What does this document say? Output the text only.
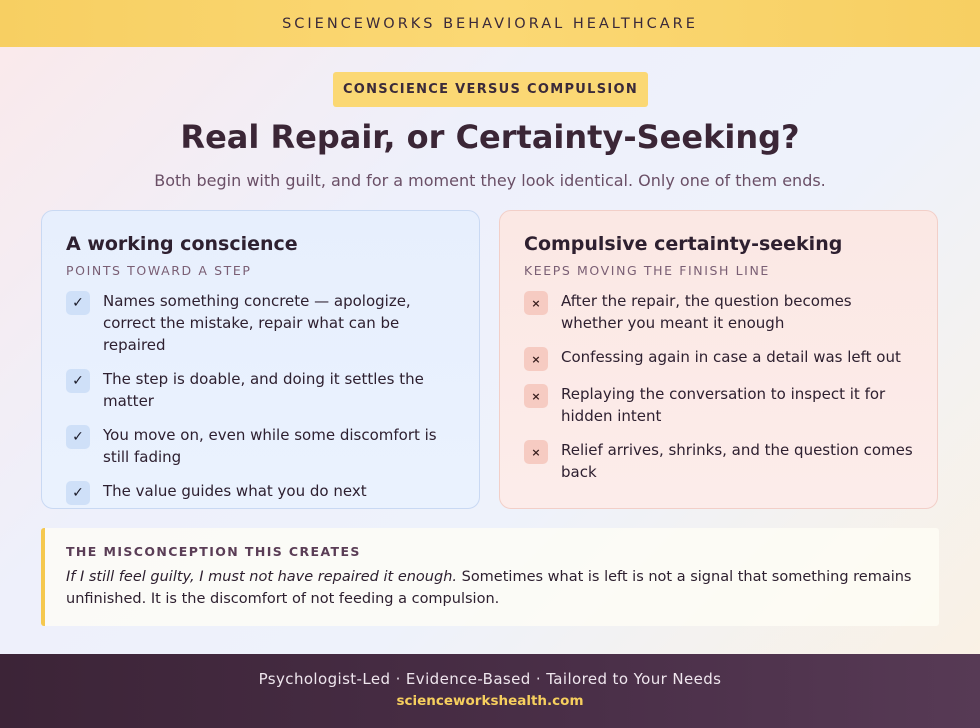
SCIENCEWORKS BEHAVIORAL HEALTHCARE
CONSCIENCE VERSUS COMPULSION
Real Repair, or Certainty-Seeking?

Both begin with guilt, and for a moment they look identical. Only one of them ends.

A working conscience
POINTS TOWARD A STEP
✓	Names something concrete — apologize, correct the mistake, repair what can be repaired
✓	The step is doable, and doing it settles the matter
✓	You move on, even while some discomfort is still fading
✓	The value guides what you do next
Compulsive certainty-seeking
KEEPS MOVING THE FINISH LINE
×	After the repair, the question becomes whether you meant it enough
×	Confessing again in case a detail was left out
×	Replaying the conversation to inspect it for hidden intent
×	Relief arrives, shrinks, and the question comes back
THE MISCONCEPTION THIS CREATES

If I still feel guilty, I must not have repaired it enough. Sometimes what is left is not a signal that something remains unfinished. It is the discomfort of not feeding a compulsion.

Psychologist-Led · Evidence-Based · Tailored to Your Needs
scienceworkshealth.com
